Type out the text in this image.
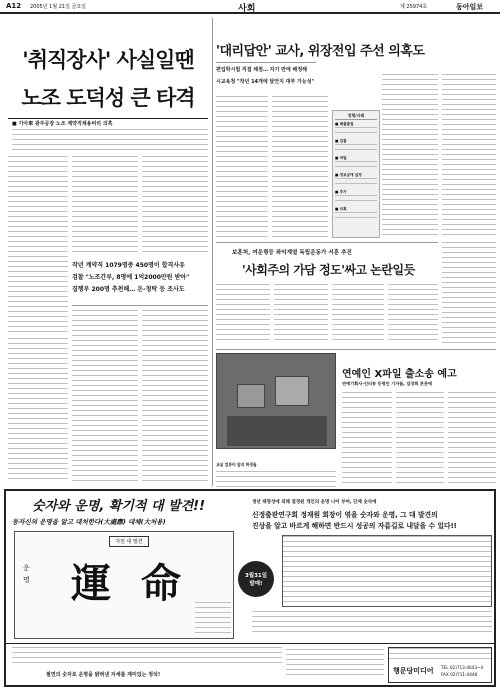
A12 2005년 1월 21일 금요일	사회	제 25974호	동아일보
'취직장사' 사실일땐
노조 도덕성 큰 타격
■ 기아車 광주공장 노조 계약직채용비리 의혹
작년 계약직 1079명중 450명이 합격사유
검찰 "노조간부, 8명에 1억2000만원 받아"
집행부 200명 추천해… 돈-청탁 등 조사도
'대리답안' 교사, 위장전입 주선 의혹도
편입학시험 직접 채점… 자기 반에 배정해
시교육청 "작년 14개에 달안지 대부 가능성"
정책/사회
■ 배출물질
■ 검찰
■ 처벌
■ 정보공개 일정
■ 추가
■ 의혹
보훈처, 여운형등 좌익계열 독립운동가 서훈 추진
'사회주의 가담 정도'싸고 논란일듯
교실 컴퓨터 앞의 학생들
연예인 X파일 출소송 예고
연예기획사-인터뷰 등명인 기자들, 입장희 본문에
숫자와 운명, 확기적 대 발견!!
동자신의 운명을 알고 대처한다(大處應) 대체(大처용)
자천 대 발견
運 命
운명	3월31일
발매!
생년 태명성에 의해 결정된 개인의 운명 나이 부여, 단체 숫자에
신정출판연구회 정재원 회장이 엮을 숫자와 운명, 그 대 발견의
진상을 알고 바르게 해하면 반드시 성공의 자름길로 내달을 수 있다!!
필연의 숫자로 운명을 밝혀낸 자세를 재미있는 정석!	행문당미디어 TEL 02)713-4643~4
FAX 02)711-4448
